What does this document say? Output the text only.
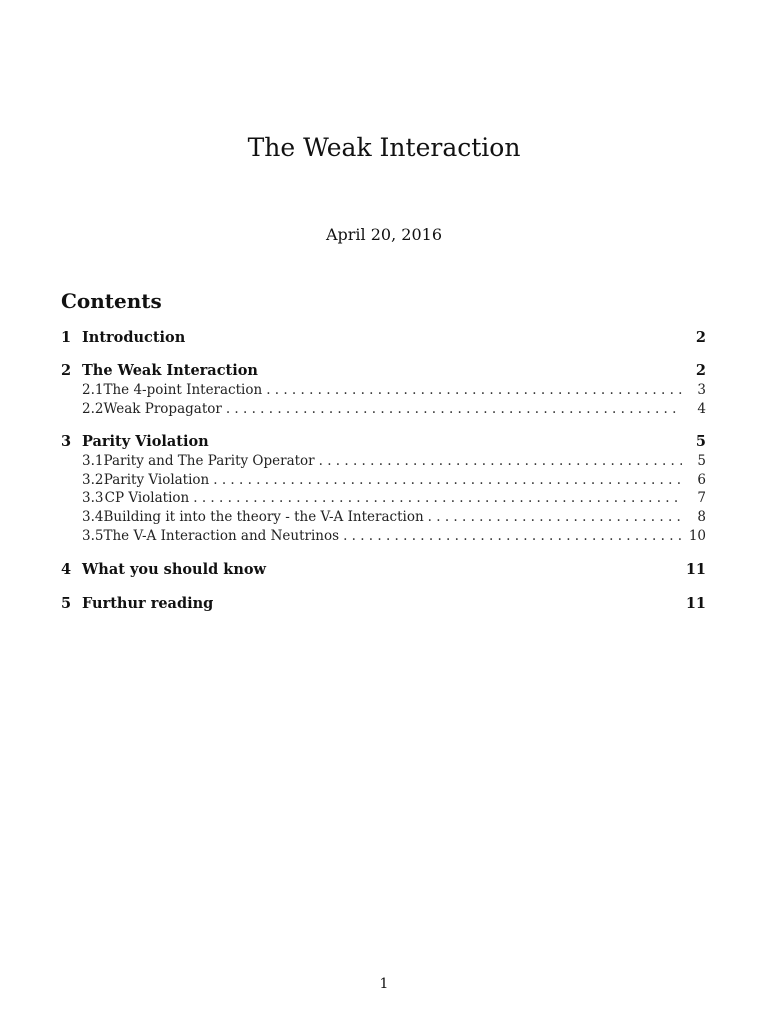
The Weak Interaction
April 20, 2016
Contents
1 Introduction	2
2 The Weak Interaction	2
2.1 The 4-point Interaction . . .	3
2.2 Weak Propagator . . .	4
3 Parity Violation	5
3.1 Parity and The Parity Operator . . .	5
3.2 Parity Violation . . .	6
3.3 CP Violation . . .	7
3.4 Building it into the theory - the V-A Interaction . . .	8
3.5 The V-A Interaction and Neutrinos . . .	10
4 What you should know	11
5 Furthur reading	11
1
